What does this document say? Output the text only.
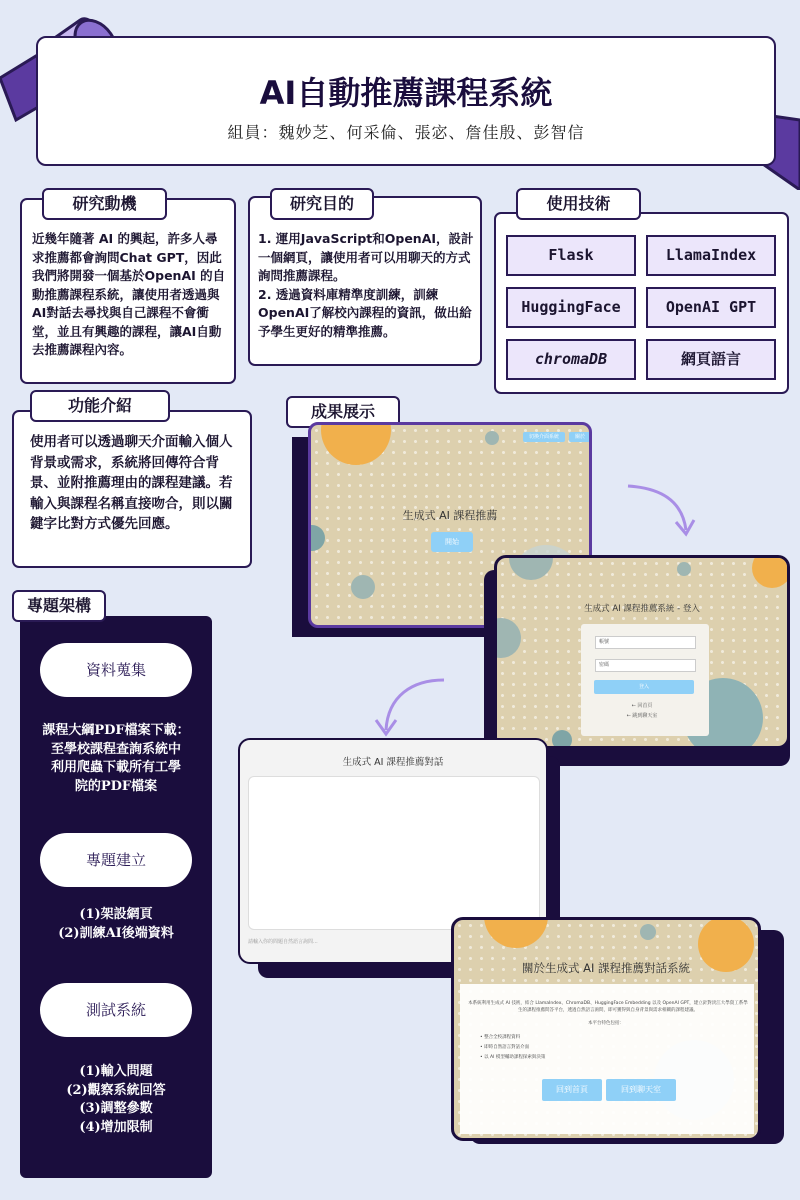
AI自動推薦課程系統
組員：魏妙芝、何采倫、張宓、詹佳殷、彭智信
近幾年隨著 AI 的興起，許多人尋求推薦都會詢問Chat GPT，因此我們將開發一個基於OpenAI 的自動推薦課程系統，讓使用者透過與AI對話去尋找與自己課程不會衝堂，並且有興趣的課程，讓AI自動去推薦課程內容。
研究動機
1. 運用JavaScript和OpenAI，設計一個網頁，讓使用者可以用聊天的方式詢問推薦課程。
2. 透過資料庫精準度訓練，訓練OpenAI了解校內課程的資訊，做出給予學生更好的精準推薦。
研究目的	使用技術
Flask	LlamaIndex
HuggingFace	OpenAI GPT
chromaDB	網頁語言
使用者可以透過聊天介面輸入個人背景或需求，系統將回傳符合背景、並附推薦理由的課程建議。若輸入與課程名稱直接吻合，則以關鍵字比對方式優先回應。
功能介紹
專題架構
資料蒐集
課程大綱PDF檔案下載：
至學校課程查詢系統中
利用爬蟲下載所有工學
院的PDF檔案
專題建立
(1)架設網頁
(2)訓練AI後端資料
測試系統
(1)輸入問題
(2)觀察系統回答
(3)調整參數
(4)增加限制
成果展示
切換介面系統	關於
生成式 AI 課程推薦
開始
生成式 AI 課程推薦系統 - 登入
帳號
密碼
登入
← 回首頁
← 跳到聊天室
生成式 AI 課程推薦對話
請輸入你的問題自然語言詢問...
關於生成式 AI 課程推薦對話系統
本系統利用生成式 AI 技術，結合 LlamaIndex、ChromaDB、HuggingFace Embedding 以及 OpenAI GPT，建立針對淡江大學資工系學生的課程推薦問答平台，透過自然語言詢問，即可獲得與自身背景與需求相關的課程建議。
本平台特色包括：
• 整合全校課程資料
• 即時自然語言對話介面
• 以 AI 模型輔助課程探索與決策
回到首頁	回到聊天室
